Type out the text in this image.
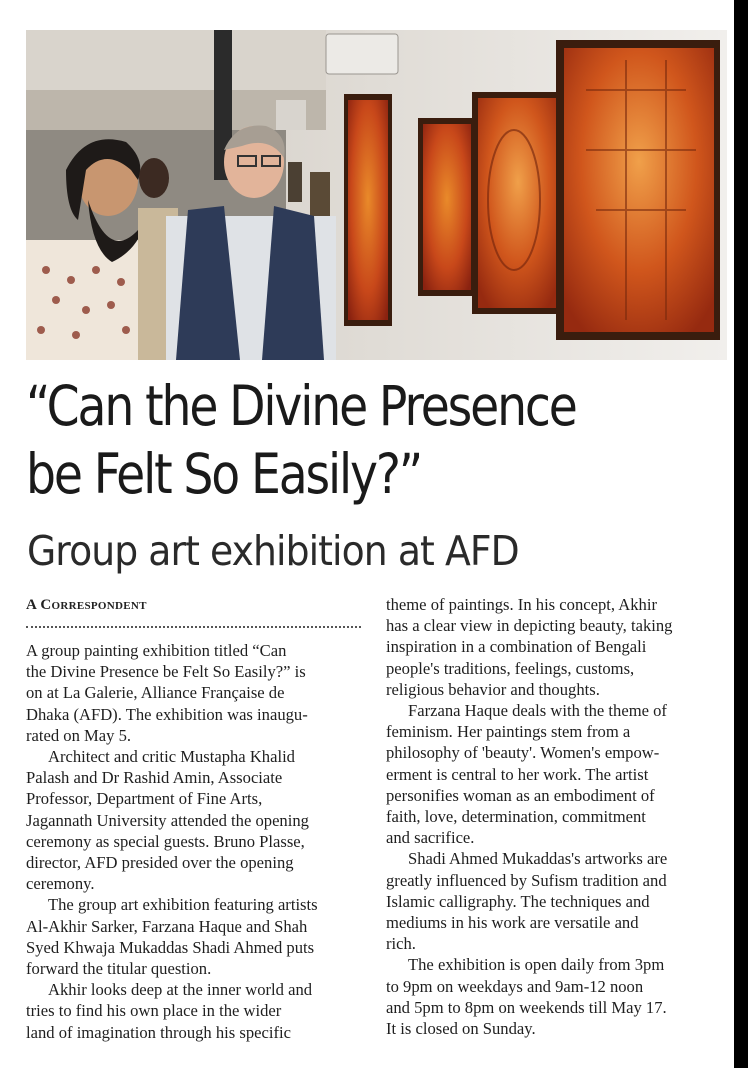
“Can the Divine Presence
be Felt So Easily?”
Group art exhibition at AFD
A Correspondent

A group painting exhibition titled “Can
the Divine Presence be Felt So Easily?” is
on at La Galerie, Alliance Française de
Dhaka (AFD). The exhibition was inaugu-
rated on May 5.

Architect and critic Mustapha Khalid
Palash and Dr Rashid Amin, Associate
Professor, Department of Fine Arts,
Jagannath University attended the opening
ceremony as special guests. Bruno Plasse,
director, AFD presided over the opening
ceremony.

The group art exhibition featuring artists
Al-Akhir Sarker, Farzana Haque and Shah
Syed Khwaja Mukaddas Shadi Ahmed puts
forward the titular question.

Akhir looks deep at the inner world and
tries to find his own place in the wider
land of imagination through his specific

theme of paintings. In his concept, Akhir
has a clear view in depicting beauty, taking
inspiration in a combination of Bengali
people's traditions, feelings, customs,
religious behavior and thoughts.

Farzana Haque deals with the theme of
feminism. Her paintings stem from a
philosophy of 'beauty'. Women's empow-
erment is central to her work. The artist
personifies woman as an embodiment of
faith, love, determination, commitment
and sacrifice.

Shadi Ahmed Mukaddas's artworks are
greatly influenced by Sufism tradition and
Islamic calligraphy. The techniques and
mediums in his work are versatile and
rich.

The exhibition is open daily from 3pm
to 9pm on weekdays and 9am-12 noon
and 5pm to 8pm on weekends till May 17.
It is closed on Sunday.
